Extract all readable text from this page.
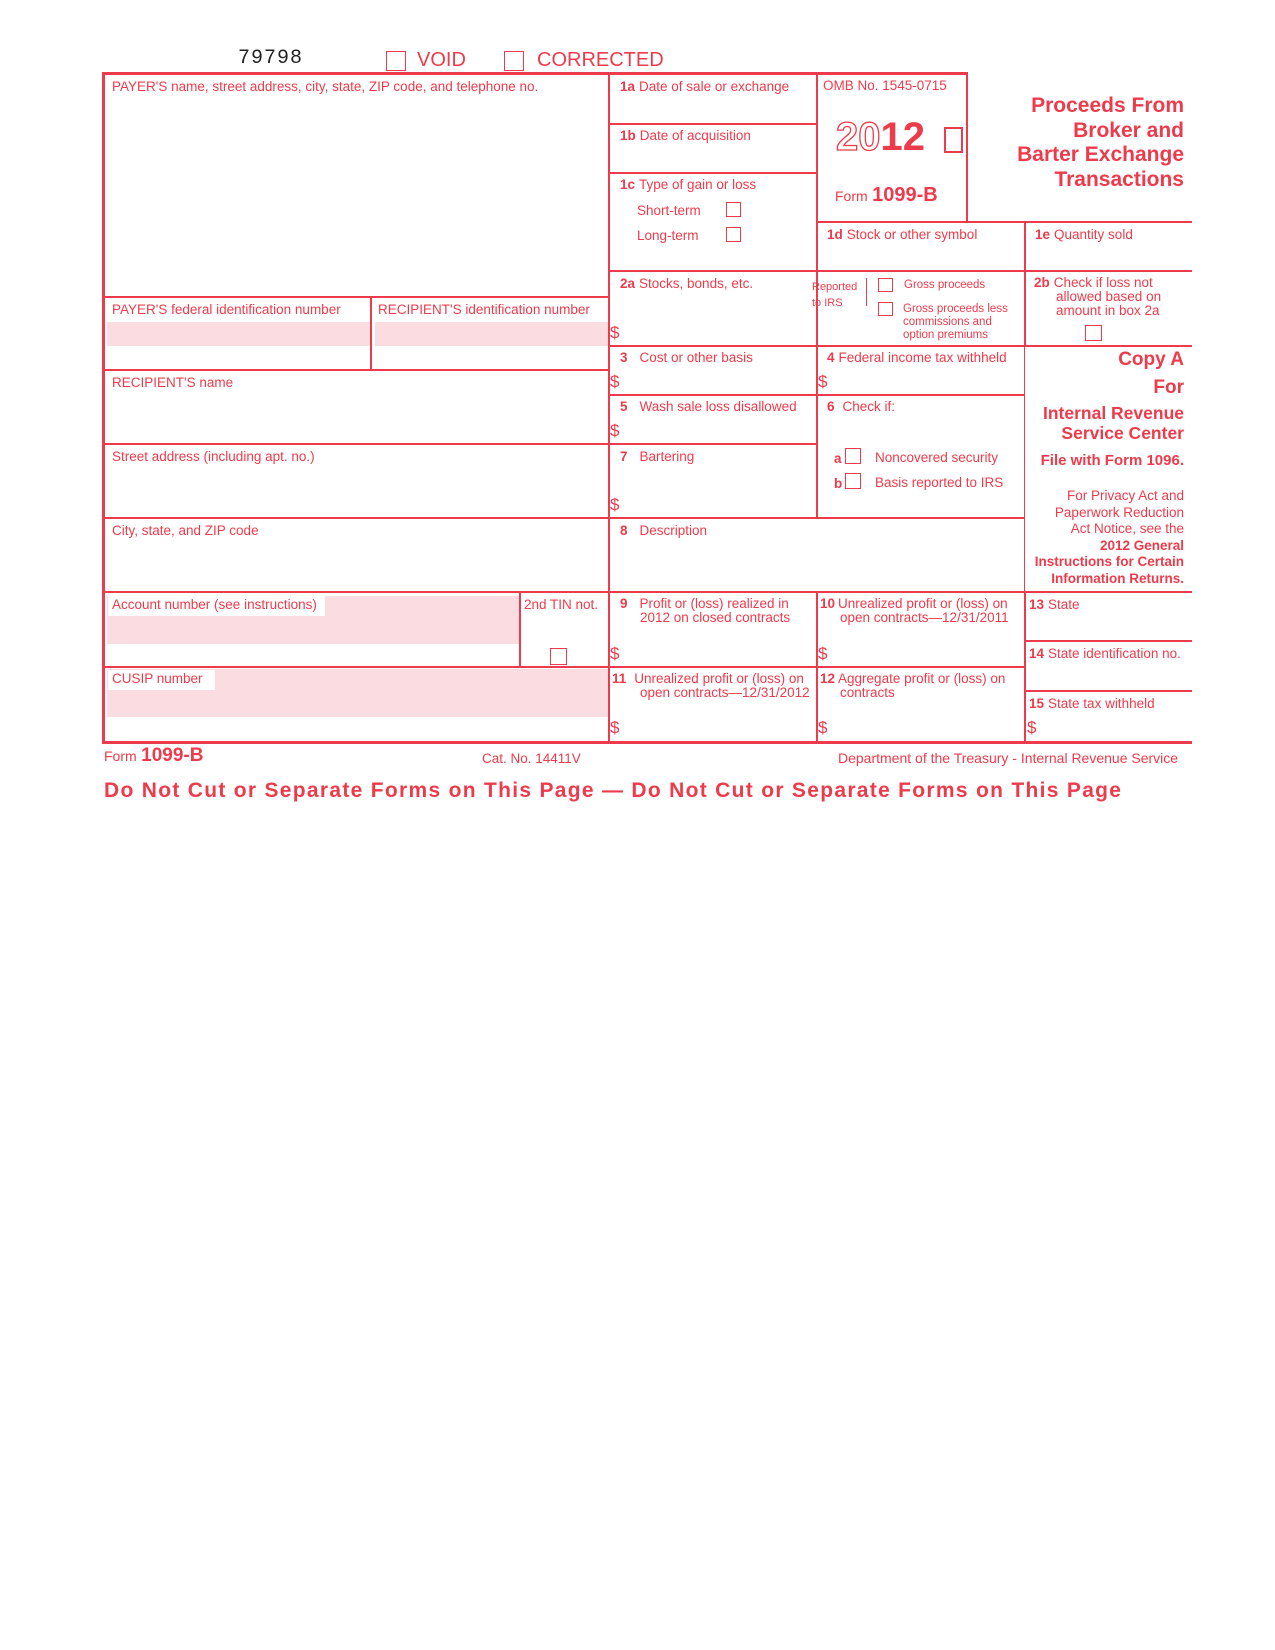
79798	VOID	CORRECTED
PAYER'S name, street address, city, state, ZIP code, and telephone no.
PAYER'S federal identification number	RECIPIENT'S identification number
RECIPIENT'S name
Street address (including apt. no.)
City, state, and ZIP code
Account number (see instructions)	2nd TIN not.
CUSIP number
1a Date of sale or exchange
1b Date of acquisition
1c Type of gain or loss
Short-term
Long-term
OMB No. 1545-0715
2012
Form 1099-B
Proceeds From
Broker and
Barter Exchange
Transactions
1d Stock or other symbol	1e Quantity sold
2a Stocks, bonds, etc.
$
Reported
to IRS
Gross proceeds
Gross proceeds less
commissions and
option premiums
2b Check if loss not
allowed based on
amount in box 2a
3 Cost or other basis
$
4 Federal income tax withheld
$
Copy A
For
Internal Revenue
Service Center
File with Form 1096.
For Privacy Act and
Paperwork Reduction
Act Notice, see the
2012 General
Instructions for Certain
Information Returns.
5 Wash sale loss disallowed
$
6 Check if:
a Noncovered security
b Basis reported to IRS
7 Bartering
$
8 Description
9 Profit or (loss) realized in
2012 on closed contracts
$
10 Unrealized profit or (loss) on
open contracts—12/31/2011
$
13 State
14 State identification no.
11 Unrealized profit or (loss) on
open contracts—12/31/2012
$
12 Aggregate profit or (loss) on
contracts
$
15 State tax withheld
$
Form 1099-B	Cat. No. 14411V	Department of the Treasury - Internal Revenue Service
Do Not Cut or Separate Forms on This Page — Do Not Cut or Separate Forms on This Page
